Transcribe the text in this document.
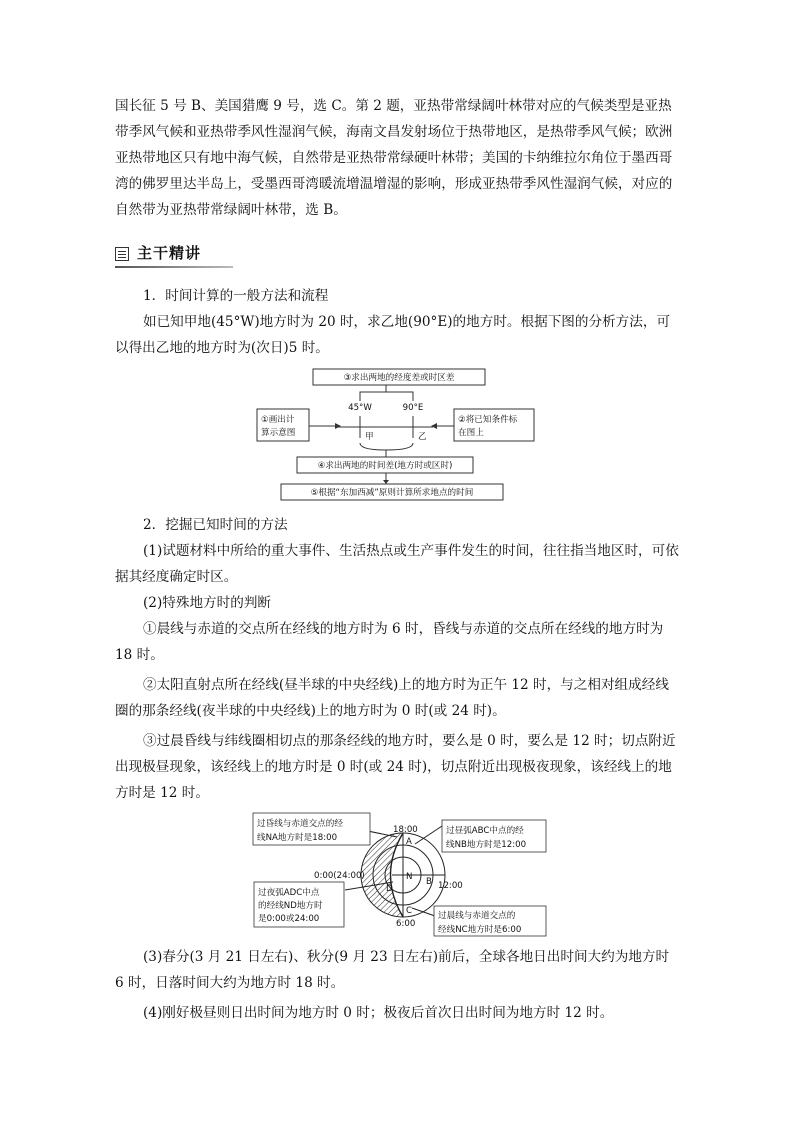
国长征 5 号 B、美国猎鹰 9 号，选 C。第 2 题，亚热带常绿阔叶林带对应的气候类型是亚热带季风气候和亚热带季风性湿润气候，海南文昌发射场位于热带地区，是热带季风气候；欧洲亚热带地区只有地中海气候，自然带是亚热带常绿硬叶林带；美国的卡纳维拉尔角位于墨西哥湾的佛罗里达半岛上，受墨西哥湾暖流增温增湿的影响，形成亚热带季风性湿润气候，对应的自然带为亚热带常绿阔叶林带，选 B。

主干精讲
1．时间计算的一般方法和流程

如已知甲地(45°W)地方时为 20 时，求乙地(90°E)的地方时。根据下图的分析方法，可以得出乙地的地方时为(次日)5 时。

③求出两地的经度差或时区差
①画出计
算示意图
②将已知条件标
在图上
45°W	90°E
甲	乙
④求出两地的时间差(地方时或区时)
⑤根据“东加西减”原则计算所求地点的时间
2．挖掘已知时间的方法

(1)试题材料中所给的重大事件、生活热点或生产事件发生的时间，往往指当地区时，可依据其经度确定时区。

(2)特殊地方时的判断

①晨线与赤道的交点所在经线的地方时为 6 时，昏线与赤道的交点所在经线的地方时为 18 时。

②太阳直射点所在经线(昼半球的中央经线)上的地方时为正午 12 时，与之相对组成经线圈的那条经线(夜半球的中央经线)上的地方时为 0 时(或 24 时)。

③过晨昏线与纬线圈相切点的那条经线的地方时，要么是 0 时，要么是 12 时；切点附近出现极昼现象，该经线上的地方时是 0 时(或 24 时)，切点附近出现极夜现象，该经线上的地方时是 12 时。

过昏线与赤道交点的经
线NA地方时是18:00
过昼弧ABC中点的经
线NB地方时是12:00
过夜弧ADC中点
的经线ND地方时
是0:00或24:00	过晨线与赤道交点的
经线NC地方时是6:00
18:00
12:00
0:00(24:00)
6:00
A
B
C
D
N

(3)春分(3 月 21 日左右)、秋分(9 月 23 日左右)前后，全球各地日出时间大约为地方时 6 时，日落时间大约为地方时 18 时。

(4)刚好极昼则日出时间为地方时 0 时；极夜后首次日出时间为地方时 12 时。
